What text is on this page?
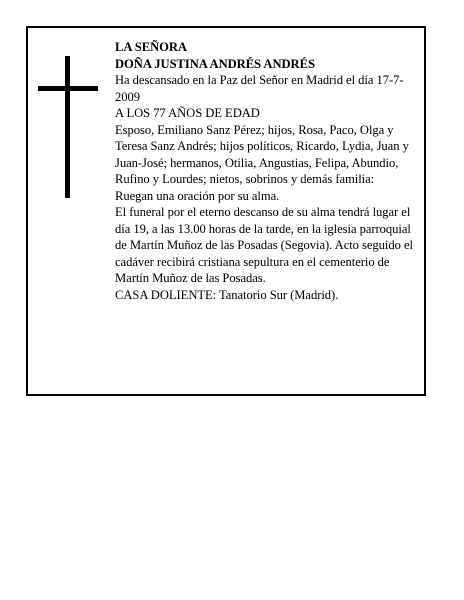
LA SEÑORA

DOÑA JUSTINA ANDRÉS ANDRÉS

Ha descansado en la Paz del Señor en Madrid el día 17-7-2009

A LOS 77 AÑOS DE EDAD

Esposo, Emiliano Sanz Pérez; hijos, Rosa, Paco, Olga y Teresa Sanz Andrés; hijos políticos, Ricardo, Lydia, Juan y Juan-José; hermanos, Otilia, Angustias, Felipa, Abundio, Rufino y Lourdes; nietos, sobrinos y demás familia:

Ruegan una oración por su alma.

El funeral por el eterno descanso de su alma tendrá lugar el día 19, a las 13.00 horas de la tarde, en la iglesia parroquial de Martín Muñoz de las Posadas (Segovia). Acto seguido el cadáver recibirá cristiana sepultura en el cementerio de Martín Muñoz de las Posadas.

CASA DOLIENTE: Tanatorio Sur (Madrid).
